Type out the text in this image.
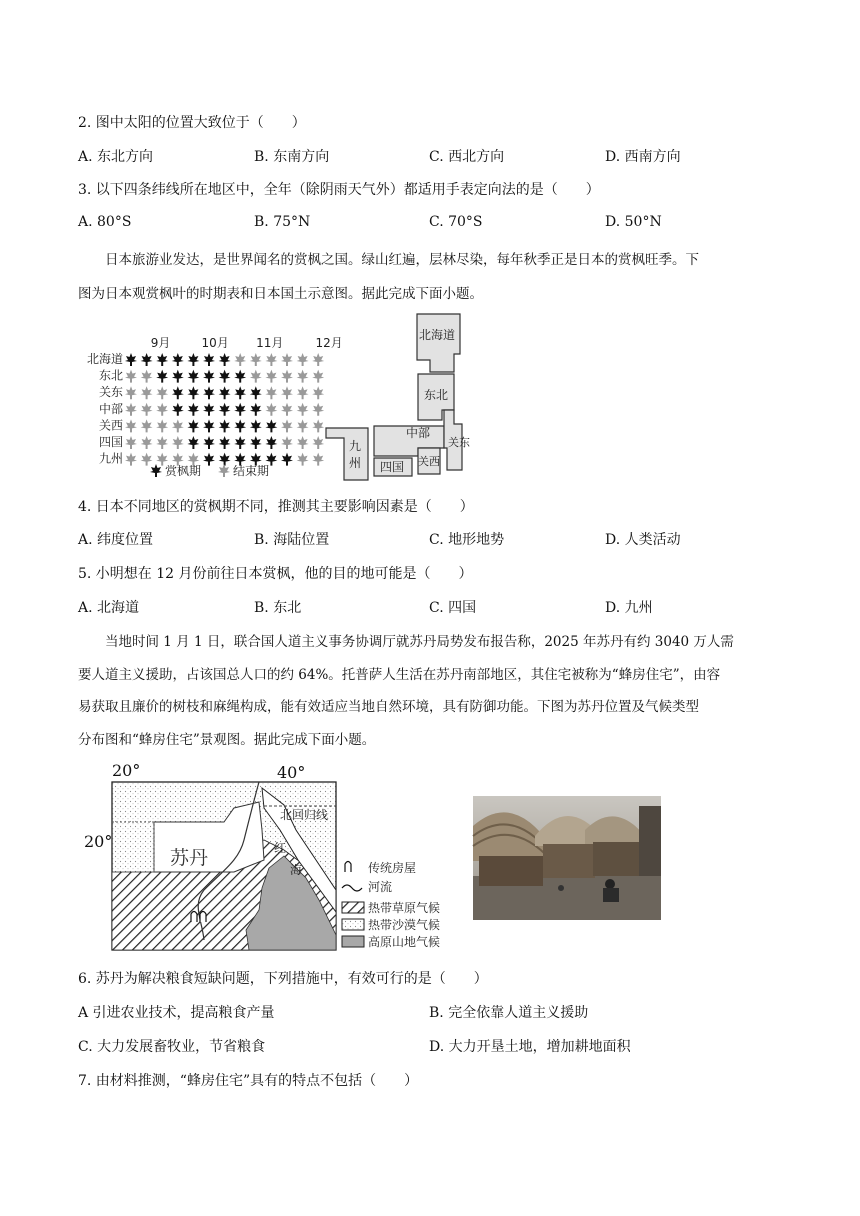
2. 图中太阳的位置大致位于（　　）
A. 东北方向	B. 东南方向	C. 西北方向	D. 西南方向
3. 以下四条纬线所在地区中，全年（除阴雨天气外）都适用手表定向法的是（　　）
A. 80°S	B. 75°N	C. 70°S	D. 50°N
日本旅游业发达，是世界闻名的赏枫之国。绿山红遍，层林尽染，每年秋季正是日本的赏枫旺季。下
图为日本观赏枫叶的时期表和日本国土示意图。据此完成下面小题。
9月	10月 11月	12月
北海道
东北
关东
中部
关西
四国
九州
赏枫期	结束期
北海道
东北
中部
关东
九
州 四国 关西
4. 日本不同地区的赏枫期不同，推测其主要影响因素是（　　）
A. 纬度位置	B. 海陆位置	C. 地形地势	D. 人类活动
5. 小明想在 12 月份前往日本赏枫，他的目的地可能是（　　）
A. 北海道	B. 东北	C. 四国	D. 九州
当地时间 1 月 1 日，联合国人道主义事务协调厅就苏丹局势发布报告称，2025 年苏丹有约 3040 万人需
要人道主义援助，占该国总人口的约 64%。托普萨人生活在苏丹南部地区，其住宅被称为“蜂房住宅”，由容
易获取且廉价的树枝和麻绳构成，能有效适应当地自然环境，具有防御功能。下图为苏丹位置及气候类型
分布图和“蜂房住宅”景观图。据此完成下面小题。
20°	40°
20°
北回归线
苏丹	红
海	传统房屋
河流
热带草原气候
热带沙漠气候
高原山地气候
6. 苏丹为解决粮食短缺问题，下列措施中，有效可行的是（　　）
A 引进农业技术，提高粮食产量	B. 完全依靠人道主义援助
C. 大力发展畜牧业，节省粮食	D. 大力开垦土地，增加耕地面积
7. 由材料推测，“蜂房住宅”具有的特点不包括（　　）
